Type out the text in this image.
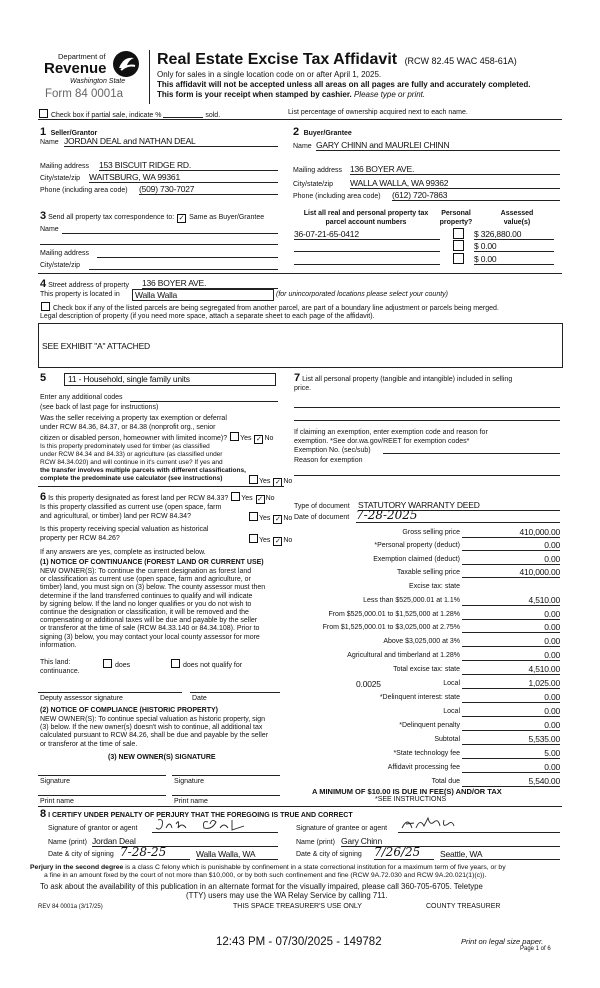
Department of
Revenue
Washington State
Form 84 0001a
Real Estate Excise Tax Affidavit (RCW 82.45 WAC 458-61A)
Only for sales in a single location code on or after April 1, 2025.
This affidavit will not be accepted unless all areas on all pages are fully and accurately completed.
This form is your receipt when stamped by cashier. Please type or print.
Check box if partial sale, indicate %	sold.	List percentage of ownership acquired next to each name.
1 Seller/Grantor
Name JORDAN DEAL and NATHAN DEAL
Mailing address 153 BISCUIT RIDGE RD.
City/state/zip WAITSBURG, WA 99361
Phone (including area code) (509) 730-7027
2 Buyer/Grantee
Name GARY CHINN and MAURLEI CHINN
Mailing address 136 BOYER AVE.
City/state/zip WALLA WALLA, WA 99362
Phone (including area code) (612) 720-7863
3 Send all property tax correspondence to: ✓ Same as Buyer/Grantee
Name
Mailing address
City/state/zip
List all real and personal property tax
parcel account numbers
Personal
property?
Assessed
value(s)
36-07-21-65-0412	$ 326,880.00
$ 0.00
$ 0.00
4 Street address of property 136 BOYER AVE.
This property is located in Walla Walla	(for unincorporated locations please select your county)
Check box if any of the listed parcels are being segregated from another parcel, are part of a boundary line adjustment or parcels being merged.
Legal description of property (if you need more space, attach a separate sheet to each page of the affidavit).
SEE EXHIBIT "A" ATTACHED
5	11 - Household, single family units
Enter any additional codes
(see back of last page for instructions)
Was the seller receiving a property tax exemption or deferral
under RCW 84.36, 84.37, or 84.38 (nonprofit org., senior
citizen or disabled person, homeowner with limited income)? Yes ✓ No
Is this property predominately used for timber (as classified
under RCW 84.34 and 84.33) or agriculture (as classified under
RCW 84.34.020) and will continue in it's current use? If yes and
the transfer involves multiple parcels with different classifications,
complete the predominate use calculator (see instructions)	Yes ✓ No
6 Is this property designated as forest land per RCW 84.33? Yes ✓ No
Is this property classified as current use (open space, farm
and agricultural, or timber) land per RCW 84.34?	Yes ✓ No
Is this property receiving special valuation as historical
property per RCW 84.26?	Yes ✓ No
If any answers are yes, complete as instructed below.
(1) NOTICE OF CONTINUANCE (FOREST LAND OR CURRENT USE)
NEW OWNER(S): To continue the current designation as forest land
or classification as current use (open space, farm and agriculture, or
timber) land, you must sign on (3) below. The county assessor must then
determine if the land transferred continues to qualify and will indicate
by signing below. If the land no longer qualifies or you do not wish to
continue the designation or classification, it will be removed and the
compensating or additional taxes will be due and payable by the seller
or transferor at the time of sale (RCW 84.33.140 or 84.34.108). Prior to
signing (3) below, you may contact your local county assessor for more
information.
This land:	does	does not qualify for
continuance.
Deputy assessor signature	Date
(2) NOTICE OF COMPLIANCE (HISTORIC PROPERTY)
NEW OWNER(S): To continue special valuation as historic property, sign
(3) below. If the new owner(s) doesn't wish to continue, all additional tax
calculated pursuant to RCW 84.26, shall be due and payable by the seller
or transferor at the time of sale.
(3) NEW OWNER(S) SIGNATURE
Signature	Signature
Print name	Print name
7 List all personal property (tangible and intangible) included in selling
price.
If claiming an exemption, enter exemption code and reason for
exemption. *See dor.wa.gov/REET for exemption codes*
Exemption No. (sec/sub)
Reason for exemption
Type of document STATUTORY WARRANTY DEED
Date of document 7-28-2025
Gross selling price	410,000.00
*Personal property (deduct)	0.00
Exemption claimed (deduct)	0.00
Taxable selling price	410,000.00
Excise tax: state
Less than $525,000.01 at 1.1%	4,510.00
From $525,000.01 to $1,525,000 at 1.28%	0.00
From $1,525,000.01 to $3,025,000 at 2.75%	0.00
Above $3,025,000 at 3%	0.00
Agricultural and timberland at 1.28%	0.00
Total excise tax: state	4,510.00
0.0025	Local	1,025.00
*Delinquent interest: state	0.00
Local	0.00
*Delinquent penalty	0.00
Subtotal	5,535.00
*State technology fee	5.00
Affidavit processing fee	0.00
Total due	5,540.00
A MINIMUM OF $10.00 IS DUE IN FEE(S) AND/OR TAX
*SEE INSTRUCTIONS
8 I CERTIFY UNDER PENALTY OF PERJURY THAT THE FOREGOING IS TRUE AND CORRECT
Signature of grantor or agent
Name (print) Jordan Deal
Date & city of signing 7-28-25	Walla Walla, WA
Signature of grantee or agent
Name (print) Gary Chinn
Date & city of signing 7/26/25	Seattle, WA
Perjury in the second degree is a class C felony which is punishable by confinement in a state correctional institution for a maximum term of five years, or by
a fine in an amount fixed by the court of not more than $10,000, or by both such confinement and fine (RCW 9A.72.030 and RCW 9A.20.021(1)(c)).
To ask about the availability of this publication in an alternate format for the visually impaired, please call 360-705-6705. Teletype
(TTY) users may use the WA Relay Service by calling 711.
REV 84 0001a (3/17/25)	THIS SPACE TREASURER'S USE ONLY	COUNTY TREASURER
12:43 PM - 07/30/2025 - 149782	Print on legal size paper.
Page 1 of 6
